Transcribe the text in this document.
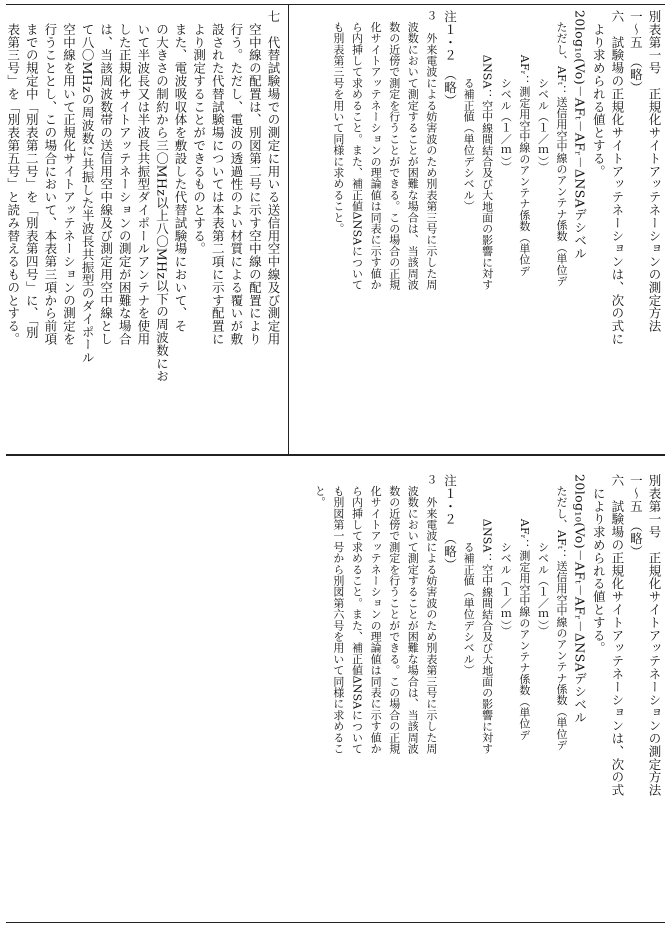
別表第一号　正規化サイトアッテネーションの測定方法

一～五　（略）

六　試験場の正規化サイトアッテネーションは、次の式に

　より求められる値とする。

20log₁₀(Vo)－AFₜ－AFᵣ－ΔNSAデシベル

　ただし、AFₜ：送信用空中線のアンテナ係数（単位デ

　　　　　　シベル（１／ｍ））

　　　　AFᵣ：測定用空中線のアンテナ係数（単位デ

　　　　　　シベル（１／ｍ））

　　　　ΔNSA：空中線間結合及び大地面の影響に対す

　　　　　　る補正値（単位デシベル）

注１・２　（略）

３　外来電波による妨害波のため別表第三号に示した周

　波数において測定することが困難な場合は、当該周波

　数の近傍で測定を行うことができる。この場合の正規

　化サイトアッテネーションの理論値は同表に示す値か

　ら内挿して求めること。また、補正値ΔNSAについて

　も別表第三号を用いて同様に求めること。

七　代替試験場での測定に用いる送信用空中線及び測定用

　空中線の配置は、別図第二号に示す空中線の配置により

　行う。ただし、電波の透過性のよい材質による覆いが敷

　設された代替試験場については本表第二項に示す配置に

　より測定することができるものとする。

　また、電波吸収体を敷設した代替試験場において、そ

　の大きさの制約から三〇MHz以上八〇MHz以下の周波数にお

　いて半波長又は半波長共振型ダイポールアンテナを使用

　した正規化サイトアッテネーションの測定が困難な場合

　は、当該周波数帯の送信用空中線及び測定用空中線とし

　て八〇MHzの周波数に共振した半波長共振型のダイポール

　空中線を用いて正規化サイトアッテネーションの測定を

　行うこととし、この場合において、本表第三項から前項

　までの規定中「別表第二号」を「別表第四号」に、「別

　表第三号」を「別表第五号」と読み替えるものとする。

別表第一号　正規化サイトアッテネーションの測定方法

一～五　（略）

六　試験場の正規化サイトアッテネーションは、次の式

　により求められる値とする。

20log₁₀(Vo)－AFₜ－AFᵣ－ΔNSAデシベル

　ただし、AFₜ：送信用空中線のアンテナ係数（単位デ

　　　　　　シベル（１／ｍ））

　　　　AFᵣ：測定用空中線のアンテナ係数（単位デ

　　　　　　シベル（１／ｍ））

　　　　ΔNSA：空中線間結合及び大地面の影響に対す

　　　　　　る補正値（単位デシベル）

注１・２　（略）

３　外来電波による妨害波のため別表第三号に示した周

　波数において測定することが困難な場合は、当該周波

　数の近傍で測定を行うことができる。この場合の正規

　化サイトアッテネーションの理論値は同表に示す値か

　ら内挿して求めること。また、補正値ΔNSAについて

　も別図第一号から別図第六号を用いて同様に求めるこ

　と。
